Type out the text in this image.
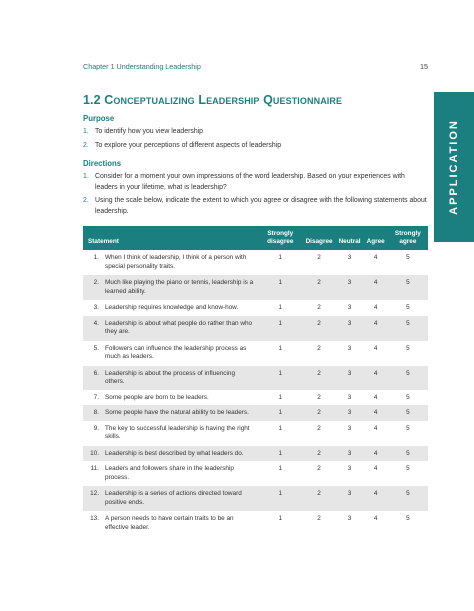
Chapter 1 Understanding Leadership	15
1.2 Conceptualizing Leadership Questionnaire
APPLICATION
Purpose
1. To identify how you view leadership
2. To explore your perceptions of different aspects of leadership
Directions
1. Consider for a moment your own impressions of the word leadership. Based on your experiences with leaders in your lifetime, what is leadership?
2. Using the scale below, indicate the extent to which you agree or disagree with the following statements about leadership.
Statement		Strongly disagree	Disagree	Neutral	Agree	Strongly agree
1.	When I think of leadership, I think of a person with special personality traits.	1	2	3	4	5
2.	Much like playing the piano or tennis, leadership is a learned ability.	1	2	3	4	5
3.	Leadership requires knowledge and know-how.	1	2	3	4	5
4.	Leadership is about what people do rather than who they are.	1	2	3	4	5
5.	Followers can influence the leadership process as much as leaders.	1	2	3	4	5
6.	Leadership is about the process of influencing others.	1	2	3	4	5
7.	Some people are born to be leaders.	1	2	3	4	5
8.	Some people have the natural ability to be leaders.	1	2	3	4	5
9.	The key to successful leadership is having the right skills.	1	2	3	4	5
10.	Leadership is best described by what leaders do.	1	2	3	4	5
11.	Leaders and followers share in the leadership process.	1	2	3	4	5
12.	Leadership is a series of actions directed toward positive ends.	1	2	3	4	5
13.	A person needs to have certain traits to be an effective leader.	1	2	3	4	5
